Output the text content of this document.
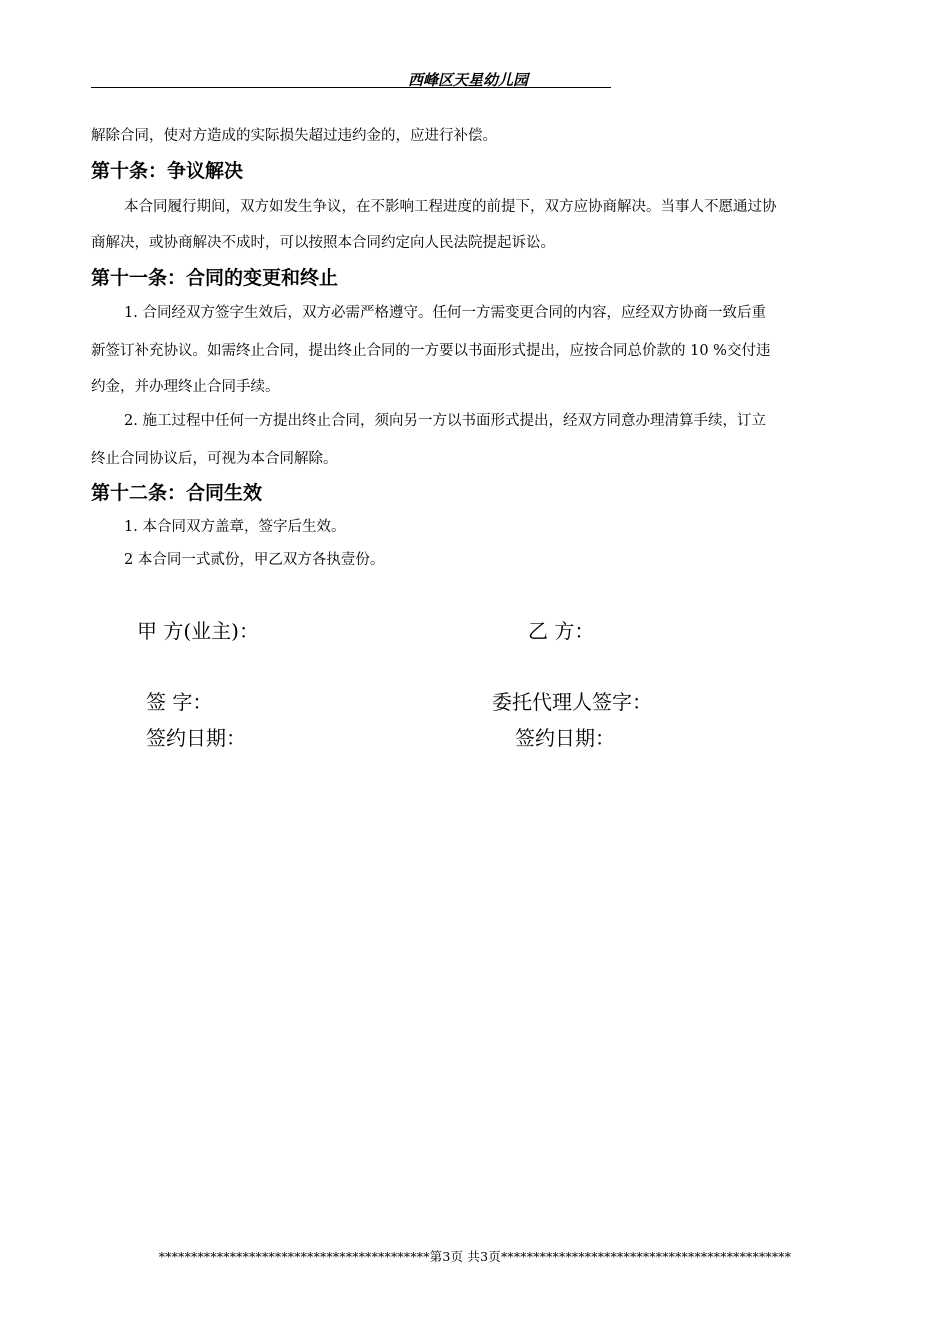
西峰区天星幼儿园
解除合同，使对方造成的实际损失超过违约金的，应进行补偿。
第十条：争议解决
本合同履行期间，双方如发生争议，在不影响工程进度的前提下，双方应协商解决。当事人不愿通过协
商解决，或协商解决不成时，可以按照本合同约定向人民法院提起诉讼。
第十一条：合同的变更和终止
1. 合同经双方签字生效后，双方必需严格遵守。任何一方需变更合同的内容，应经双方协商一致后重
新签订补充协议。如需终止合同，提出终止合同的一方要以书面形式提出，应按合同总价款的 10 %交付违
约金，并办理终止合同手续。
2. 施工过程中任何一方提出终止合同，须向另一方以书面形式提出，经双方同意办理清算手续，订立
终止合同协议后，可视为本合同解除。
第十二条：合同生效
1. 本合同双方盖章，签字后生效。
2 本合同一式贰份，甲乙双方各执壹份。
甲 方(业主)：	乙 方：
签 字：	委托代理人签字：
签约日期：	签约日期：
******************************************第3页 共3页*********************************************
